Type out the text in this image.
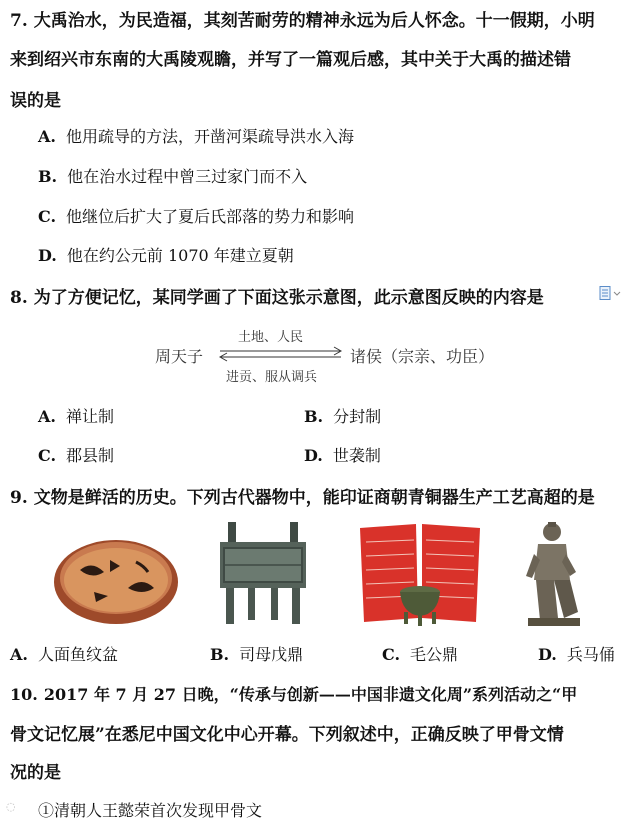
7. 大禹治水，为民造福，其刻苦耐劳的精神永远为后人怀念。十一假期，小明
来到绍兴市东南的大禹陵观瞻，并写了一篇观后感，其中关于大禹的描述错
误的是
A. 他用疏导的方法，开凿河渠疏导洪水入海
B. 他在治水过程中曾三过家门而不入
C. 他继位后扩大了夏后氏部落的势力和影响
D. 他在约公元前 1070 年建立夏朝
8. 为了方便记忆，某同学画了下面这张示意图，此示意图反映的内容是
周天子
土地、人民
进贡、服从调兵
诸侯（宗亲、功臣）
A. 禅让制	B. 分封制
C. 郡县制	D. 世袭制
9. 文物是鲜活的历史。下列古代器物中，能印证商朝青铜器生产工艺高超的是
A. 人面鱼纹盆	B. 司母戊鼎	C. 毛公鼎	D. 兵马俑
10. 2017 年 7 月 27 日晚，“传承与创新——中国非遗文化周”系列活动之“甲
骨文记忆展”在悉尼中国文化中心开幕。下列叙述中，正确反映了甲骨文情
况的是
①清朝人王懿荣首次发现甲骨文
◌
